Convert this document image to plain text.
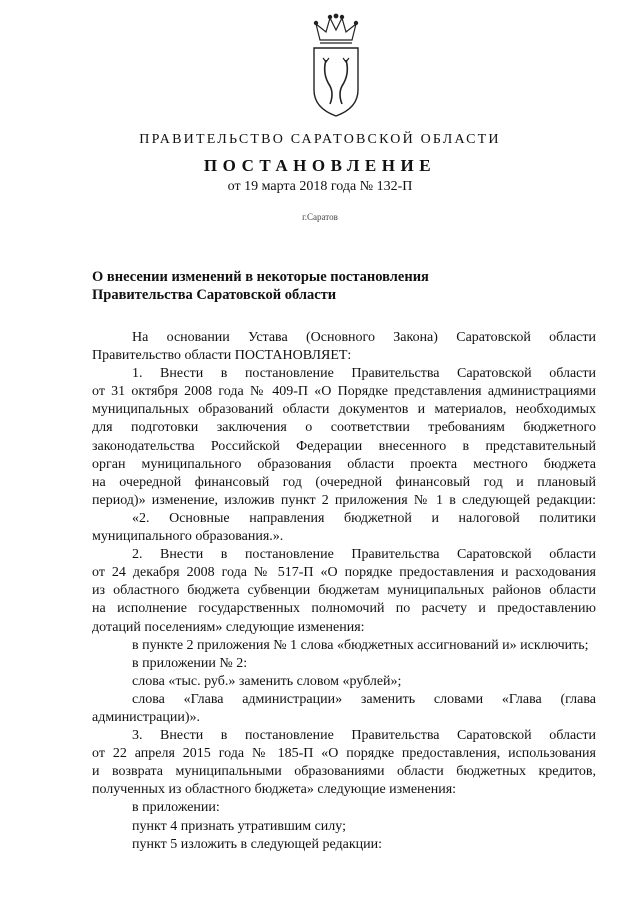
ПРАВИТЕЛЬСТВО САРАТОВСКОЙ ОБЛАСТИ
ПОСТАНОВЛЕНИЕ
от 19 марта 2018 года № 132-П
г.Саратов
О внесении изменений в некоторые постановления
Правительства Саратовской области

На основании Устава (Основного Закона) Саратовской области

Правительство области ПОСТАНОВЛЯЕТ:

1. Внести в постановление Правительства Саратовской области

от 31 октября 2008 года № 409-П «О Порядке представления администрациями

муниципальных образований области документов и материалов, необходимых

для подготовки заключения о соответствии требованиям бюджетного

законодательства Российской Федерации внесенного в представительный

орган муниципального образования области проекта местного бюджета

на очередной финансовый год (очередной финансовый год и плановый

период)» изменение, изложив пункт 2 приложения № 1 в следующей редакции:

«2. Основные направления бюджетной и налоговой политики

муниципального образования.».

2. Внести в постановление Правительства Саратовской области

от 24 декабря 2008 года № 517-П «О порядке предоставления и расходования

из областного бюджета субвенции бюджетам муниципальных районов области

на исполнение государственных полномочий по расчету и предоставлению

дотаций поселениям» следующие изменения:

в пункте 2 приложения № 1 слова «бюджетных ассигнований и» исключить;

в приложении № 2:

слова «тыс. руб.» заменить словом «рублей»;

слова «Глава администрации» заменить словами «Глава (глава

администрации)».

3. Внести в постановление Правительства Саратовской области

от 22 апреля 2015 года № 185-П «О порядке предоставления, использования

и возврата муниципальными образованиями области бюджетных кредитов,

полученных из областного бюджета» следующие изменения:

в приложении:

пункт 4 признать утратившим силу;

пункт 5 изложить в следующей редакции:
